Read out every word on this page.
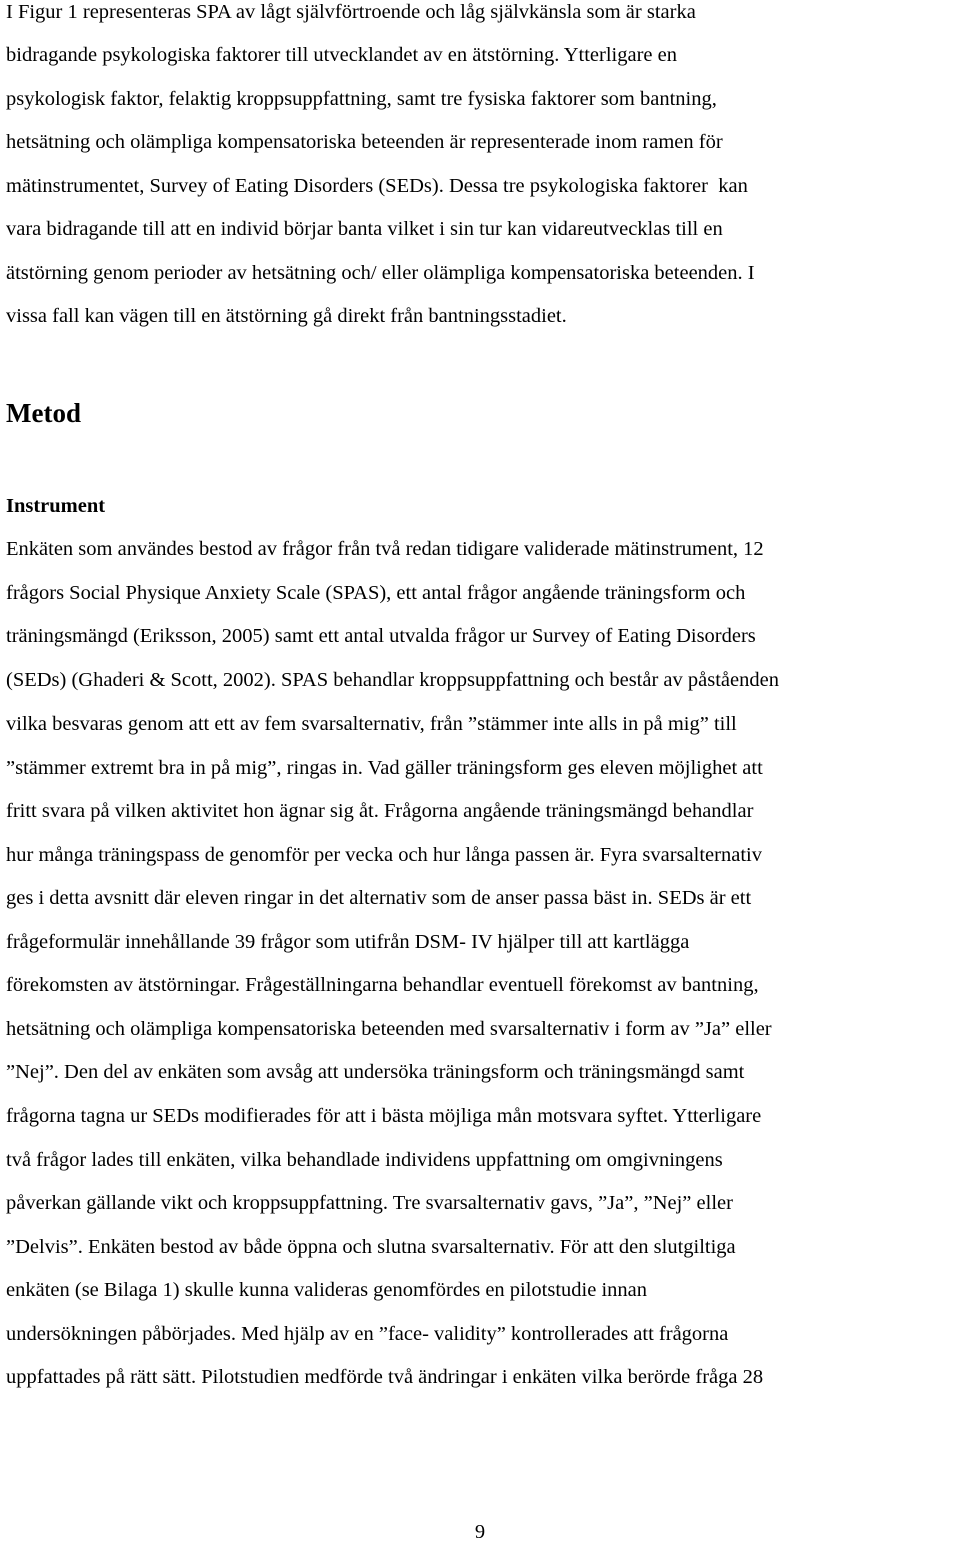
I Figur 1 representeras SPA av lågt självförtroende och låg självkänsla som är starka
bidragande psykologiska faktorer till utvecklandet av en ätstörning. Ytterligare en
psykologisk faktor, felaktig kroppsuppfattning, samt tre fysiska faktorer som bantning,
hetsätning och olämpliga kompensatoriska beteenden är representerade inom ramen för
mätinstrumentet, Survey of Eating Disorders (SEDs). Dessa tre psykologiska faktorer  kan
vara bidragande till att en individ börjar banta vilket i sin tur kan vidareutvecklas till en
ätstörning genom perioder av hetsätning och/ eller olämpliga kompensatoriska beteenden. I
vissa fall kan vägen till en ätstörning gå direkt från bantningsstadiet.
Metod
Instrument
Enkäten som användes bestod av frågor från två redan tidigare validerade mätinstrument, 12
frågors Social Physique Anxiety Scale (SPAS), ett antal frågor angående träningsform och
träningsmängd (Eriksson, 2005) samt ett antal utvalda frågor ur Survey of Eating Disorders
(SEDs) (Ghaderi & Scott, 2002). SPAS behandlar kroppsuppfattning och består av påståenden
vilka besvaras genom att ett av fem svarsalternativ, från ”stämmer inte alls in på mig” till
”stämmer extremt bra in på mig”, ringas in. Vad gäller träningsform ges eleven möjlighet att
fritt svara på vilken aktivitet hon ägnar sig åt. Frågorna angående träningsmängd behandlar
hur många träningspass de genomför per vecka och hur långa passen är. Fyra svarsalternativ
ges i detta avsnitt där eleven ringar in det alternativ som de anser passa bäst in. SEDs är ett
frågeformulär innehållande 39 frågor som utifrån DSM- IV hjälper till att kartlägga
förekomsten av ätstörningar. Frågeställningarna behandlar eventuell förekomst av bantning,
hetsätning och olämpliga kompensatoriska beteenden med svarsalternativ i form av ”Ja” eller
”Nej”. Den del av enkäten som avsåg att undersöka träningsform och träningsmängd samt
frågorna tagna ur SEDs modifierades för att i bästa möjliga mån motsvara syftet. Ytterligare
två frågor lades till enkäten, vilka behandlade individens uppfattning om omgivningens
påverkan gällande vikt och kroppsuppfattning. Tre svarsalternativ gavs, ”Ja”, ”Nej” eller
”Delvis”. Enkäten bestod av både öppna och slutna svarsalternativ. För att den slutgiltiga
enkäten (se Bilaga 1) skulle kunna valideras genomfördes en pilotstudie innan
undersökningen påbörjades. Med hjälp av en ”face- validity” kontrollerades att frågorna
uppfattades på rätt sätt. Pilotstudien medförde två ändringar i enkäten vilka berörde fråga 28
9
